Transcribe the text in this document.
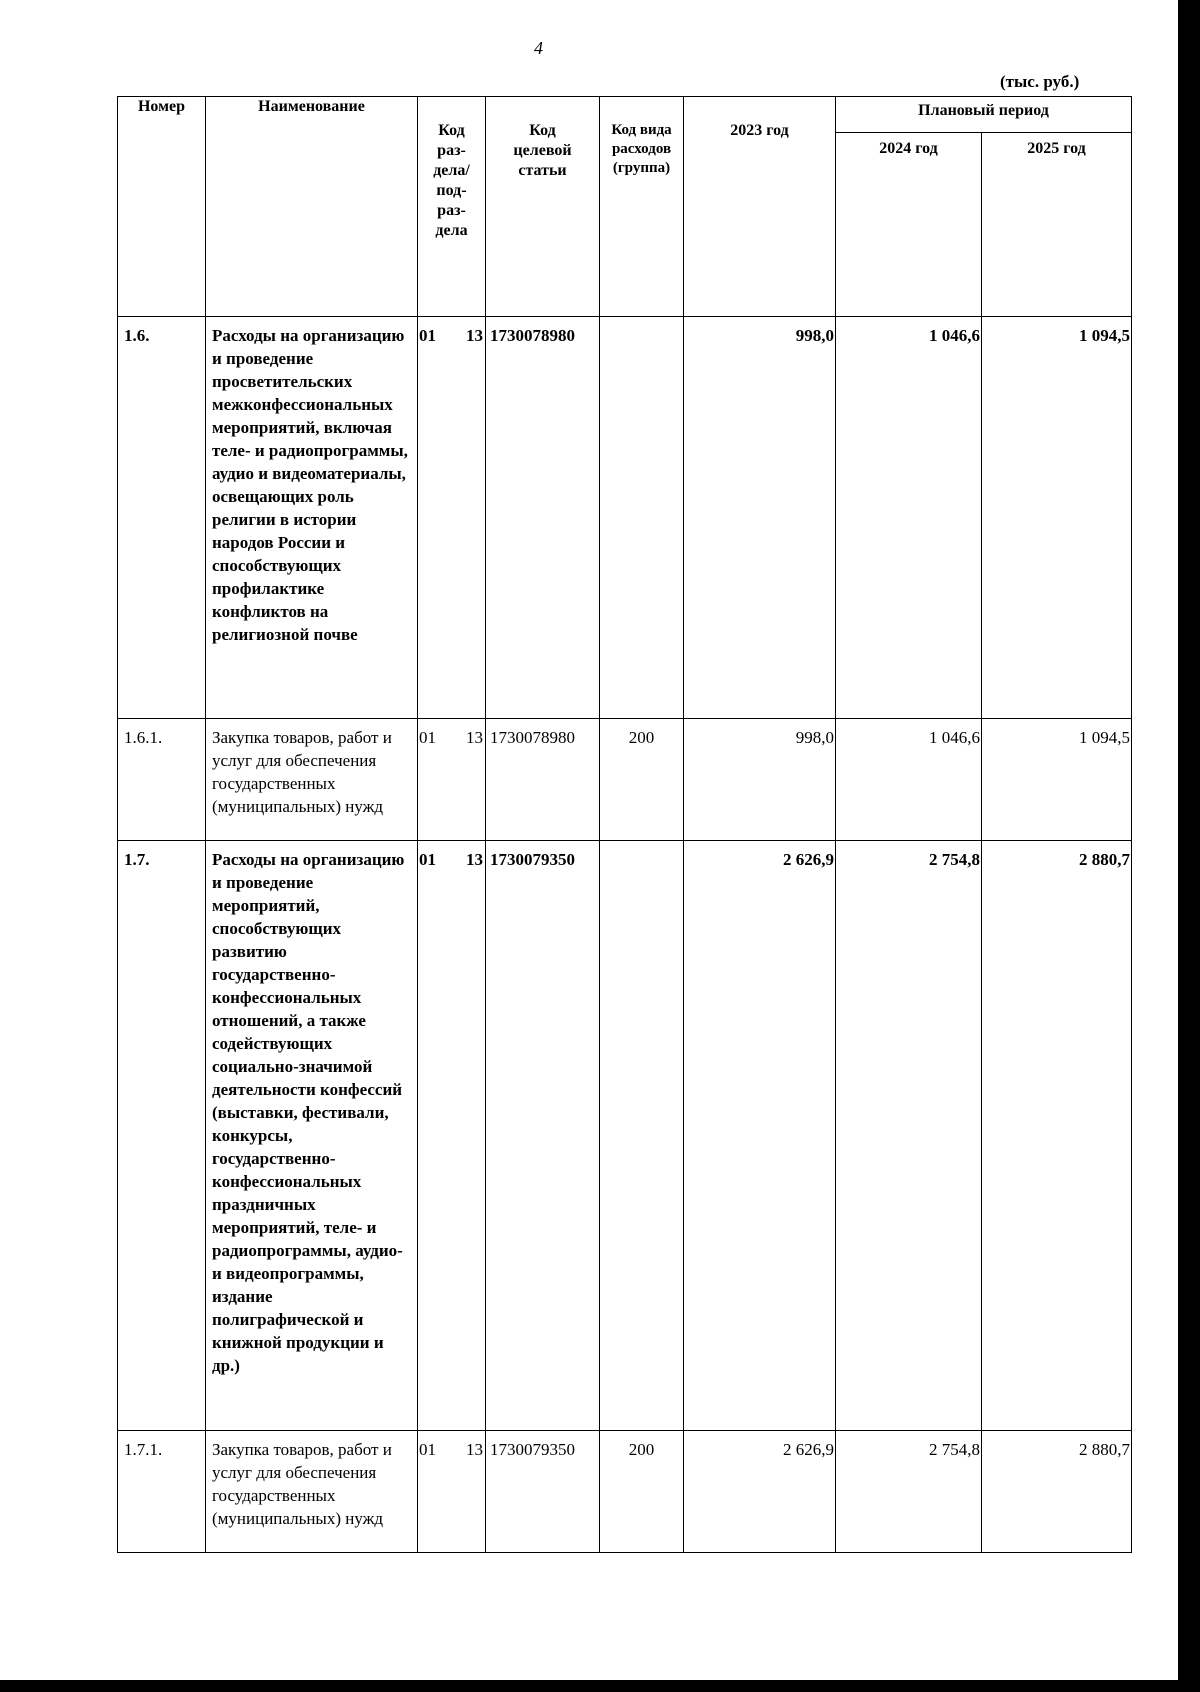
4
(тыс. руб.)
Номер	Наименование	Код раз-дела/ под-раз-дела		Код целевой статьи	Код вида расходов (группа)	2023 год	Плановый период	
							2024 год	2025 год
1.6.	Расходы на организацию и проведение просветительских межконфессиональных мероприятий, включая теле- и радиопрограммы, аудио и видеоматериалы, освещающих роль религии в истории народов России и способствующих профилактике конфликтов на религиозной почве	01	13	1730078980		998,0	1 046,6	1 094,5
1.6.1.	Закупка товаров, работ и услуг для обеспечения государственных (муниципальных) нужд	01	13	1730078980	200	998,0	1 046,6	1 094,5
1.7.	Расходы на организацию и проведение мероприятий, способствующих развитию государственно-конфессиональных отношений, а также содействующих социально-значимой деятельности конфессий (выставки, фестивали, конкурсы, государственно-конфессиональных праздничных мероприятий, теле- и радиопрограммы, аудио- и видеопрограммы, издание полиграфической и книжной продукции и др.)	01	13	1730079350		2 626,9	2 754,8	2 880,7
1.7.1.	Закупка товаров, работ и услуг для обеспечения государственных (муниципальных) нужд	01	13	1730079350	200	2 626,9	2 754,8	2 880,7
